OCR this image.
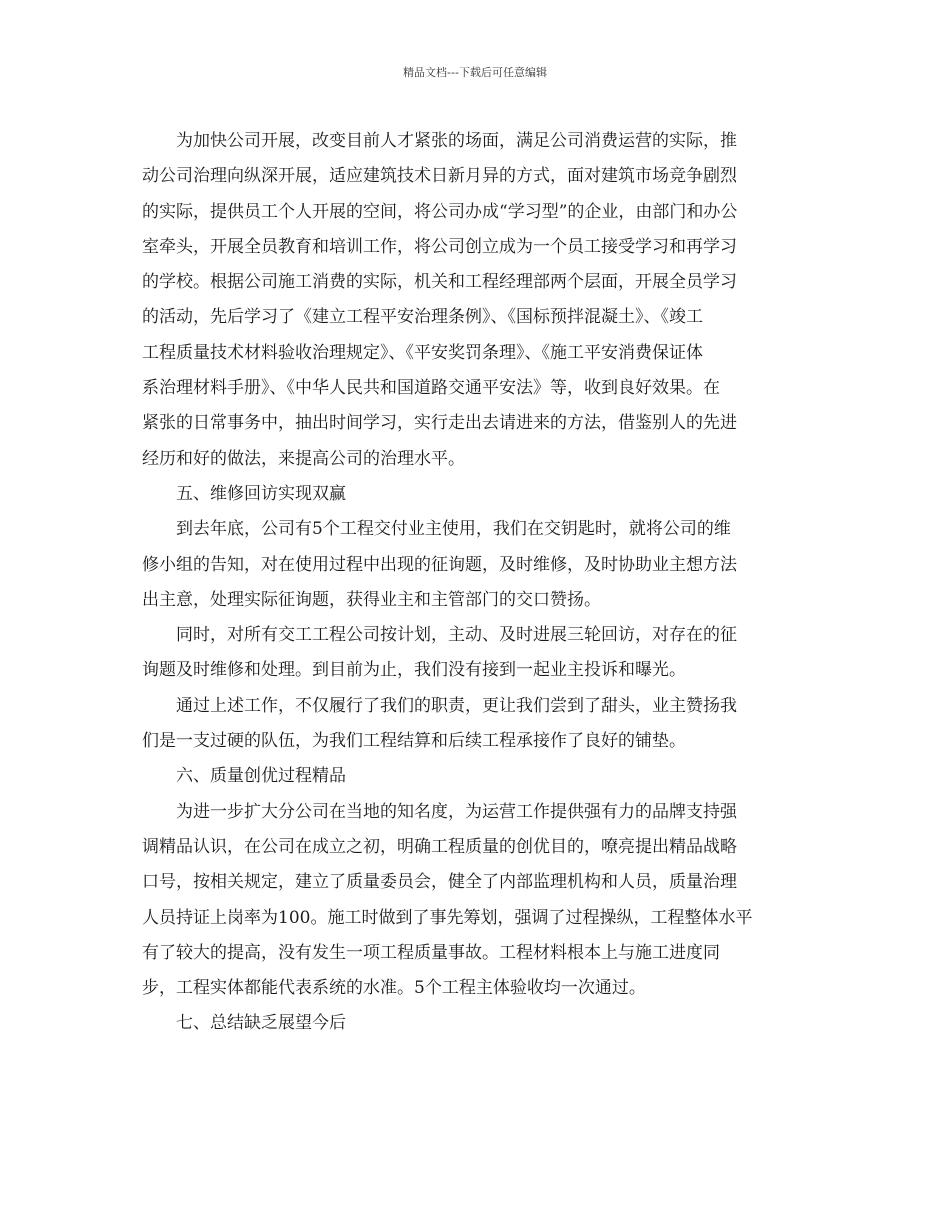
精品文档---下载后可任意编辑
为加快公司开展，改变目前人才紧张的场面，满足公司消费运营的实际，推
动公司治理向纵深开展，适应建筑技术日新月异的方式，面对建筑市场竞争剧烈
的实际，提供员工个人开展的空间，将公司办成“学习型”的企业，由部门和办公
室牵头，开展全员教育和培训工作，将公司创立成为一个员工接受学习和再学习
的学校。根据公司施工消费的实际，机关和工程经理部两个层面，开展全员学习
的活动，先后学习了《建立工程平安治理条例》、《国标预拌混凝土》、《竣工
工程质量技术材料验收治理规定》、《平安奖罚条理》、《施工平安消费保证体
系治理材料手册》、《中华人民共和国道路交通平安法》等，收到良好效果。在
紧张的日常事务中，抽出时间学习，实行走出去请进来的方法，借鉴别人的先进
经历和好的做法，来提高公司的治理水平。
五、维修回访实现双赢
到去年底，公司有5个工程交付业主使用，我们在交钥匙时，就将公司的维
修小组的告知，对在使用过程中出现的征询题，及时维修，及时协助业主想方法
出主意，处理实际征询题，获得业主和主管部门的交口赞扬。
同时，对所有交工工程公司按计划，主动、及时进展三轮回访，对存在的征
询题及时维修和处理。到目前为止，我们没有接到一起业主投诉和曝光。
通过上述工作，不仅履行了我们的职责，更让我们尝到了甜头，业主赞扬我
们是一支过硬的队伍，为我们工程结算和后续工程承接作了良好的铺垫。
六、质量创优过程精品
为进一步扩大分公司在当地的知名度，为运营工作提供强有力的品牌支持强
调精品认识，在公司在成立之初，明确工程质量的创优目的，嘹亮提出精品战略
口号，按相关规定，建立了质量委员会，健全了内部监理机构和人员，质量治理
人员持证上岗率为100。施工时做到了事先筹划，强调了过程操纵，工程整体水平
有了较大的提高，没有发生一项工程质量事故。工程材料根本上与施工进度同
步，工程实体都能代表系统的水准。5个工程主体验收均一次通过。
七、总结缺乏展望今后
